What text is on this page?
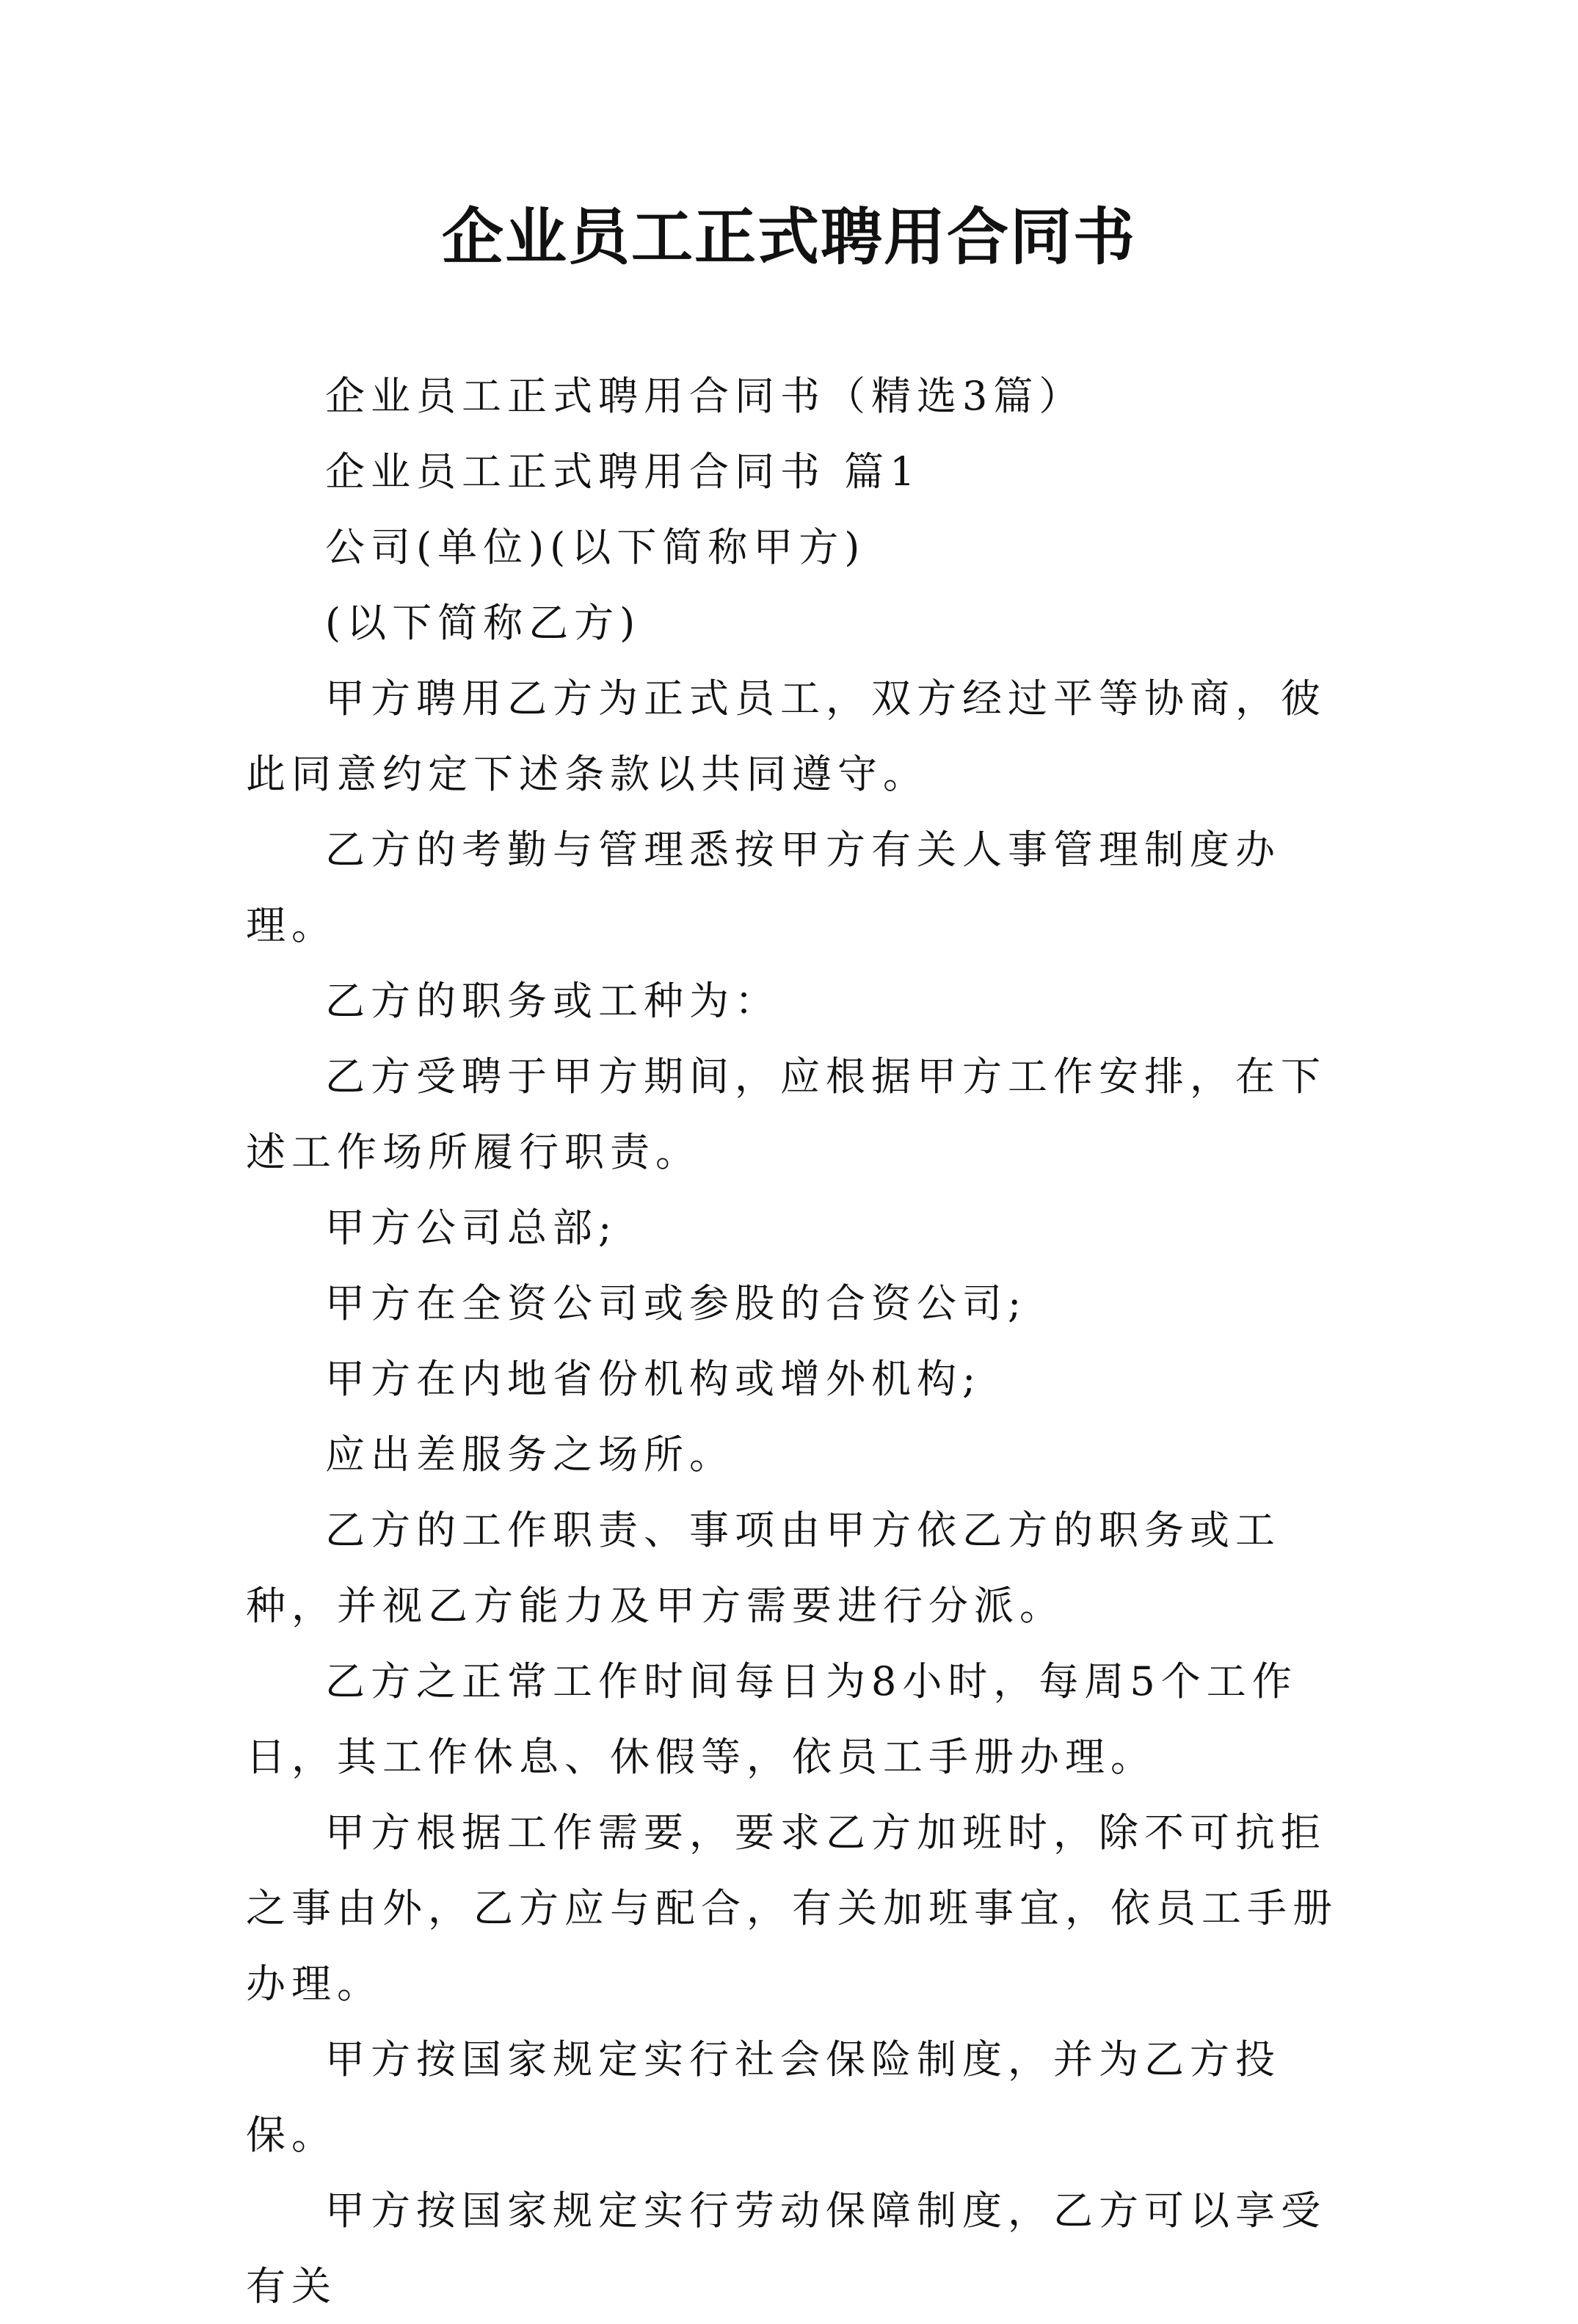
企业员工正式聘用合同书

企业员工正式聘用合同书（精选3篇）

企业员工正式聘用合同书 篇1

公司(单位)(以下简称甲方)

(以下简称乙方)

甲方聘用乙方为正式员工，双方经过平等协商，彼此同意约定下述条款以共同遵守。

乙方的考勤与管理悉按甲方有关人事管理制度办理。

乙方的职务或工种为：

乙方受聘于甲方期间，应根据甲方工作安排，在下述工作场所履行职责。

甲方公司总部;

甲方在全资公司或参股的合资公司;

甲方在内地省份机构或增外机构;

应出差服务之场所。

乙方的工作职责、事项由甲方依乙方的职务或工种，并视乙方能力及甲方需要进行分派。

乙方之正常工作时间每日为8小时，每周5个工作日，其工作休息、休假等，依员工手册办理。

甲方根据工作需要，要求乙方加班时，除不可抗拒之事由外，乙方应与配合，有关加班事宜，依员工手册办理。

甲方按国家规定实行社会保险制度，并为乙方投保。

甲方按国家规定实行劳动保障制度，乙方可以享受有关
